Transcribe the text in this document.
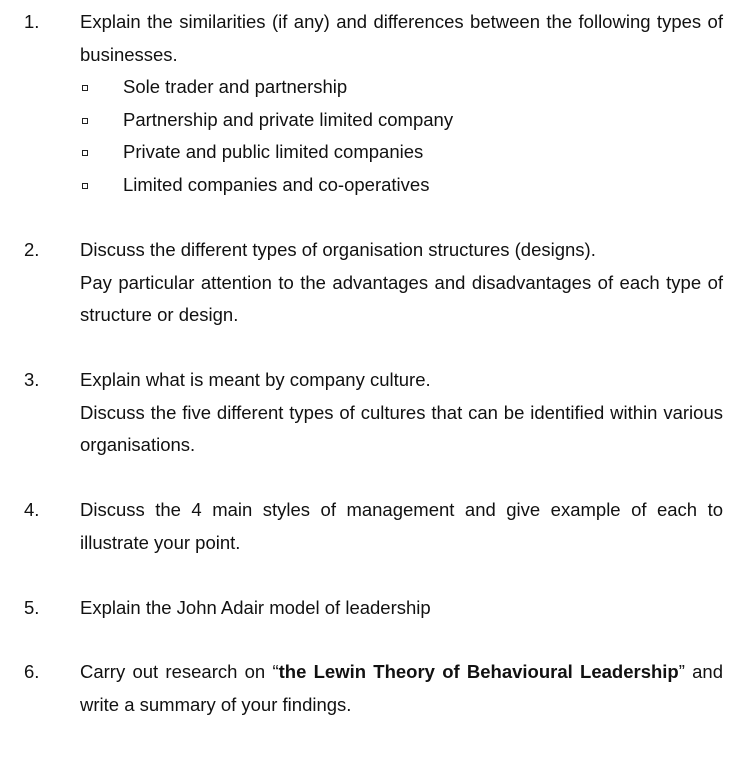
1. Explain the similarities (if any) and differences between the following types of businesses.
Sole trader and partnership
Partnership and private limited company
Private and public limited companies
Limited companies and co-operatives
2. Discuss the different types of organisation structures (designs).
Pay particular attention to the advantages and disadvantages of each type of structure or design.
3. Explain what is meant by company culture.
Discuss the five different types of cultures that can be identified within various organisations.
4. Discuss the 4 main styles of management and give example of each to illustrate your point.
5. Explain the John Adair model of leadership
6. Carry out research on “the Lewin Theory of Behavioural Leadership” and write a summary of your findings.
